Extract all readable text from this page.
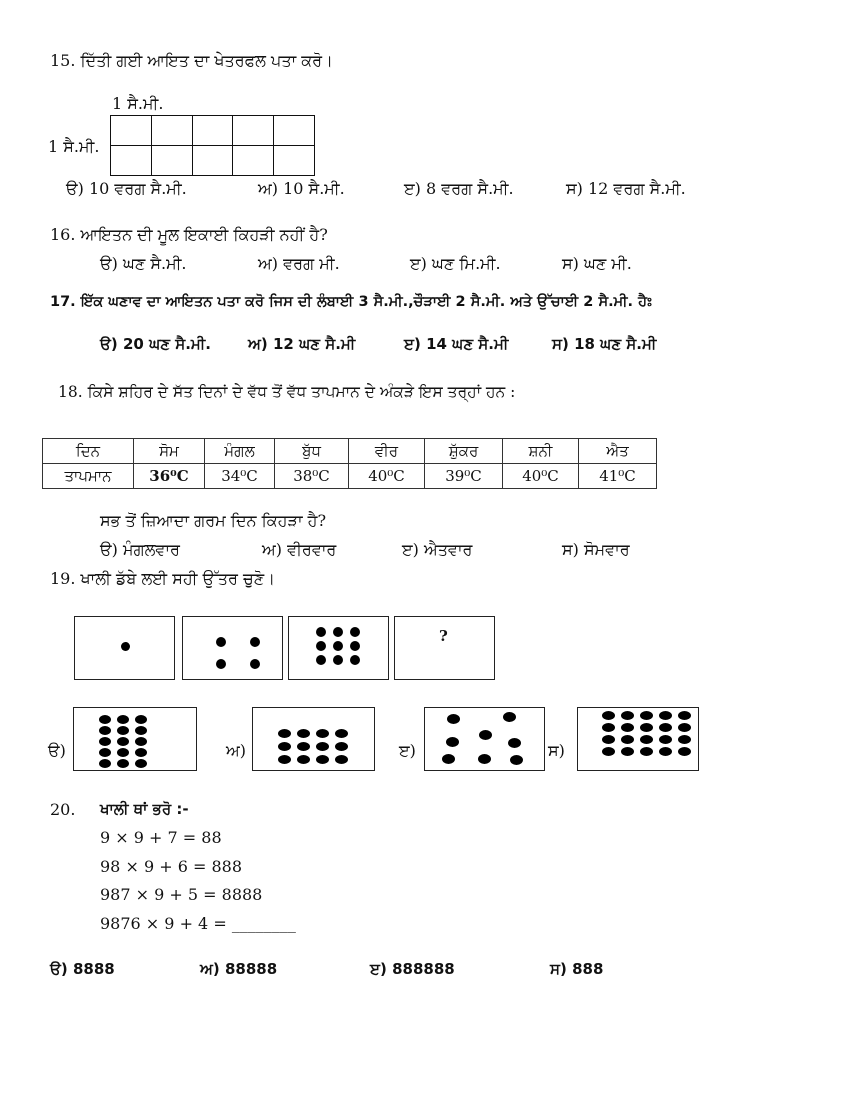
15. ਦਿੱਤੀ ਗਈ ਆਇਤ ਦਾ ਖੇਤਰਫਲ ਪਤਾ ਕਰੋ।
1 ਸੈ.ਮੀ.
1 ਸੈ.ਮੀ.

ੳ) 10 ਵਰਗ ਸੈ.ਮੀ.	ਅ) 10 ਸੈ.ਮੀ.	ੲ) 8 ਵਰਗ ਸੈ.ਮੀ.	ਸ) 12 ਵਰਗ ਸੈ.ਮੀ.
16. ਆਇਤਨ ਦੀ ਮੂਲ ਇਕਾਈ ਕਿਹੜੀ ਨਹੀਂ ਹੈ?
ੳ) ਘਣ ਸੈ.ਮੀ.	ਅ) ਵਰਗ ਮੀ.	ੲ) ਘਣ ਮਿ.ਮੀ.	ਸ) ਘਣ ਮੀ.
17. ਇੱਕ ਘਣਾਵ ਦਾ ਆਇਤਨ ਪਤਾ ਕਰੋ ਜਿਸ ਦੀ ਲੰਬਾਈ 3 ਸੈ.ਮੀ.,ਚੌੜਾਈ 2 ਸੈ.ਮੀ. ਅਤੇ ਉੱਚਾਈ 2 ਸੈ.ਮੀ. ਹੈਃ
ੳ) 20 ਘਣ ਸੈ.ਮੀ. ਅ) 12 ਘਣ ਸੈ.ਮੀ	ੲ) 14 ਘਣ ਸੈ.ਮੀ	ਸ) 18 ਘਣ ਸੈ.ਮੀ
18. ਕਿਸੇ ਸ਼ਹਿਰ ਦੇ ਸੱਤ ਦਿਨਾਂ ਦੇ ਵੱਧ ਤੋਂ ਵੱਧ ਤਾਪਮਾਨ ਦੇ ਅੰਕੜੇ ਇਸ ਤਰ੍ਹਾਂ ਹਨ :
ਦਿਨ	ਸੋਮ	ਮੰਗਲ	ਬੁੱਧ	ਵੀਰ	ਸ਼ੁੱਕਰ	ਸ਼ਨੀ	ਐਤ
ਤਾਪਮਾਨ	36⁰C	34⁰C	38⁰C	40⁰C	39⁰C	40⁰C	41⁰C
ਸਭ ਤੋਂ ਜ਼ਿਆਦਾ ਗਰਮ ਦਿਨ ਕਿਹੜਾ ਹੈ?
ੳ) ਮੰਗਲਵਾਰ	ਅ) ਵੀਰਵਾਰ	ੲ) ਐਤਵਾਰ	ਸ) ਸੋਮਵਾਰ
19. ਖਾਲੀ ਡੱਬੇ ਲਈ ਸਹੀ ਉੱਤਰ ਚੁਣੋ।
?
ੳ)	ਅ)	ੲ)	ਸ)
20. ਖਾਲੀ ਥਾਂ ਭਰੋ :-
9 × 9 + 7 = 88
98 × 9 + 6 = 888
987 × 9 + 5 = 8888
9876 × 9 + 4 = ________
ੳ) 8888	ਅ) 88888	ੲ) 888888	ਸ) 888
